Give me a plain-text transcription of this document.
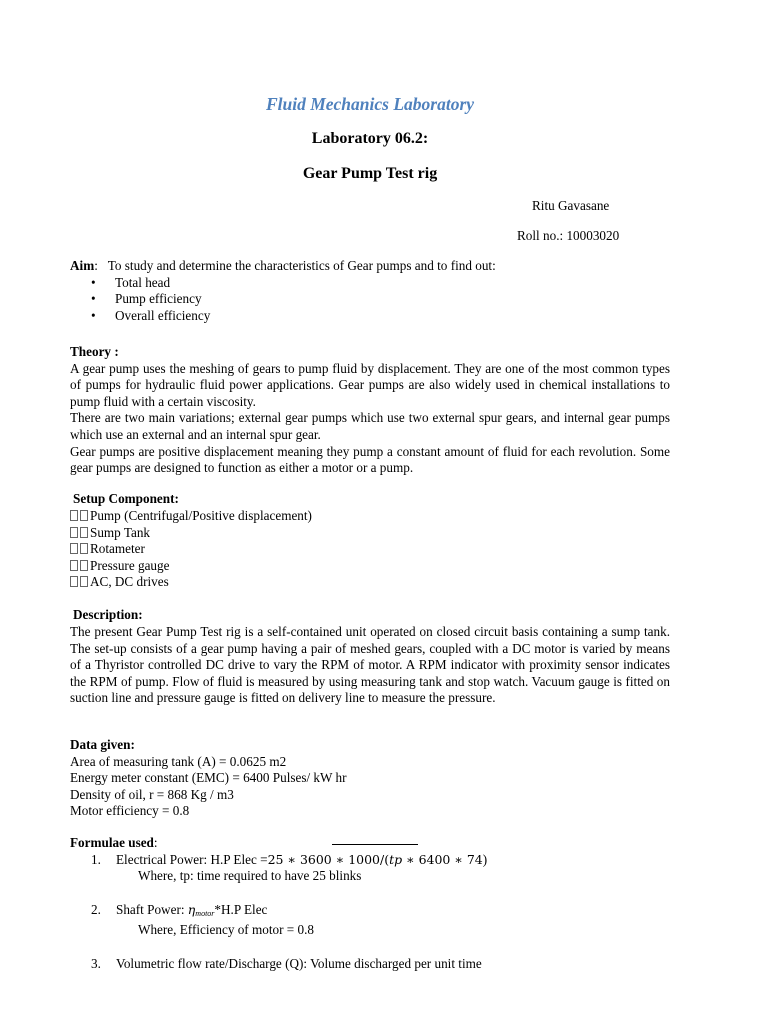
Fluid Mechanics Laboratory
Laboratory 06.2:
Gear Pump Test rig
Ritu Gavasane
Roll no.: 10003020
Aim:   To study and determine the characteristics of Gear pumps and to find out:
• Total head
• Pump efficiency
• Overall efficiency
Theory :
A gear pump uses the meshing of gears to pump fluid by displacement. They are one of the most common types of pumps for hydraulic fluid power applications. Gear pumps are also widely used in chemical installations to pump fluid with a certain viscosity.
There are two main variations; external gear pumps which use two external spur gears, and internal gear pumps which use an external and an internal spur gear.
Gear pumps are positive displacement meaning they pump a constant amount of fluid for each revolution. Some gear pumps are designed to function as either a motor or a pump.
Setup Component:
Pump (Centrifugal/Positive displacement)
Sump Tank
Rotameter
Pressure gauge
AC, DC drives
Description:
The present Gear Pump Test rig is a self-contained unit operated on closed circuit basis containing a sump tank. The set-up consists of a gear pump having a pair of meshed gears, coupled with a DC motor is varied by means of a Thyristor controlled DC drive to vary the RPM of motor. A RPM indicator with proximity sensor indicates the RPM of pump. Flow of fluid is measured by using measuring tank and stop watch. Vacuum gauge is fitted on suction line and pressure gauge is fitted on delivery line to measure the pressure.
Data given:
Area of measuring tank (A) = 0.0625 m2
Energy meter constant (EMC) = 6400 Pulses/ kW hr
Density of oil, r = 868 Kg / m3
Motor efficiency = 0.8
Formulae used:
1. Electrical Power: H.P Elec =25 ∗ 3600 ∗ 1000/(𝑡𝑝 ∗ 6400 ∗ 74)
Where, tp: time required to have 25 blinks
2. Shaft Power: $\eta_{motor}*H.P$ Elec
Where, Efficiency of motor = 0.8
3. Volumetric flow rate/Discharge (Q): Volume discharged per unit time
